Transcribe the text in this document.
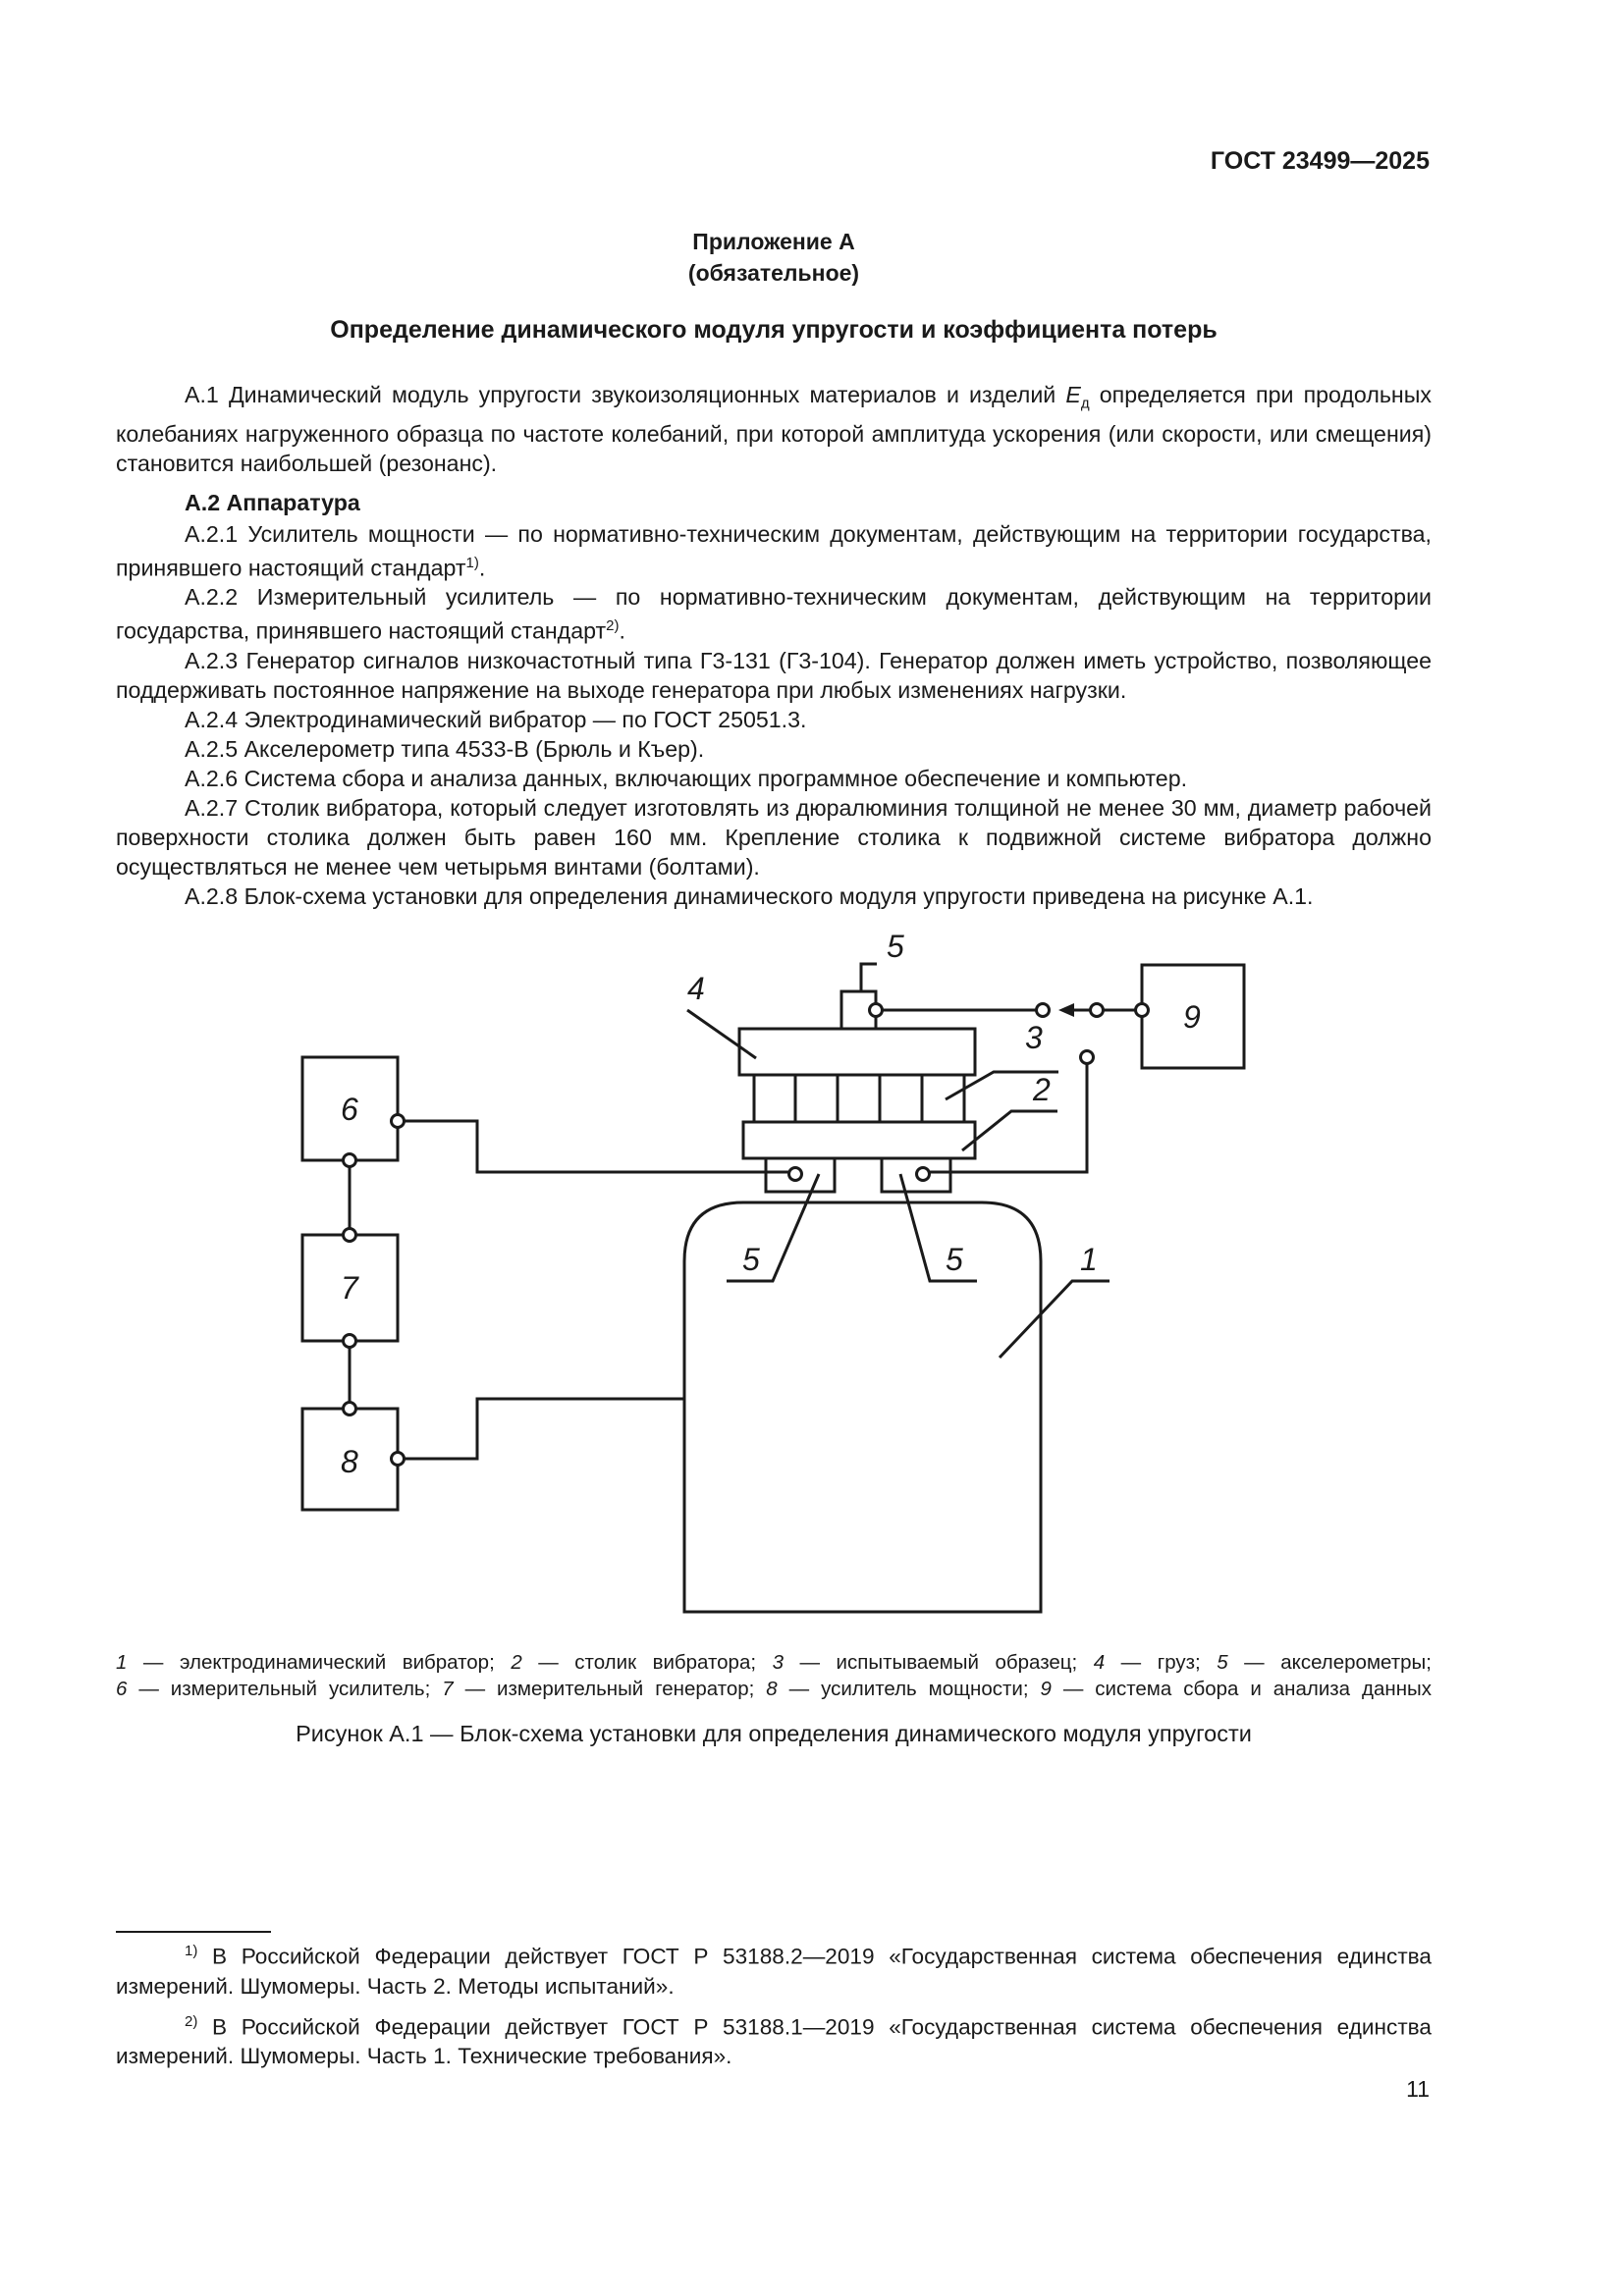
ГОСТ 23499—2025
Приложение А
(обязательное)
Определение динамического модуля упругости и коэффициента потерь

А.1 Динамический модуль упругости звукоизоляционных материалов и изделий $E_д$ определяется при продольных колебаниях нагруженного образца по частоте колебаний, при которой амплитуда ускорения (или скорости, или смещения) становится наибольшей (резонанс).

А.2 Аппаратура

А.2.1 Усилитель мощности — по нормативно-техническим документам, действующим на территории государства, принявшего настоящий стандарт$^{1)}$.

А.2.2 Измерительный усилитель — по нормативно-техническим документам, действующим на территории государства, принявшего настоящий стандарт$^{2)}$.

А.2.3 Генератор сигналов низкочастотный типа Г3-131 (Г3-104). Генератор должен иметь устройство, позволяющее поддерживать постоянное напряжение на выходе генератора при любых изменениях нагрузки.

А.2.4 Электродинамический вибратор — по ГОСТ 25051.3.

А.2.5 Акселерометр типа 4533-В (Брюль и Къер).

А.2.6 Система сбора и анализа данных, включающих программное обеспечение и компьютер.

А.2.7 Столик вибратора, который следует изготовлять из дюралюминия толщиной не менее 30 мм, диаметр рабочей поверхности столика должен быть равен 160 мм. Крепление столика к подвижной системе вибратора должно осуществляться не менее чем четырьмя винтами (болтами).

А.2.8 Блок-схема установки для определения динамического модуля упругости приведена на рисунке А.1.

5
4
9
3
2
6
5	5	1
7
8

1 — электродинамический вибратор; 2 — столик вибратора; 3 — испытываемый образец; 4 — груз; 5 — акселерометры;

6 — измерительный усилитель; 7 — измерительный генератор; 8 — усилитель мощности; 9 — система сбора и анализа данных

Рисунок А.1 — Блок-схема установки для определения динамического модуля упругости

$^{1)}$ В Российской Федерации действует ГОСТ Р 53188.2—2019 «Государственная система обеспечения единства измерений. Шумомеры. Часть 2. Методы испытаний».

$^{2)}$ В Российской Федерации действует ГОСТ Р 53188.1—2019 «Государственная система обеспечения единства измерений. Шумомеры. Часть 1. Технические требования».

11
